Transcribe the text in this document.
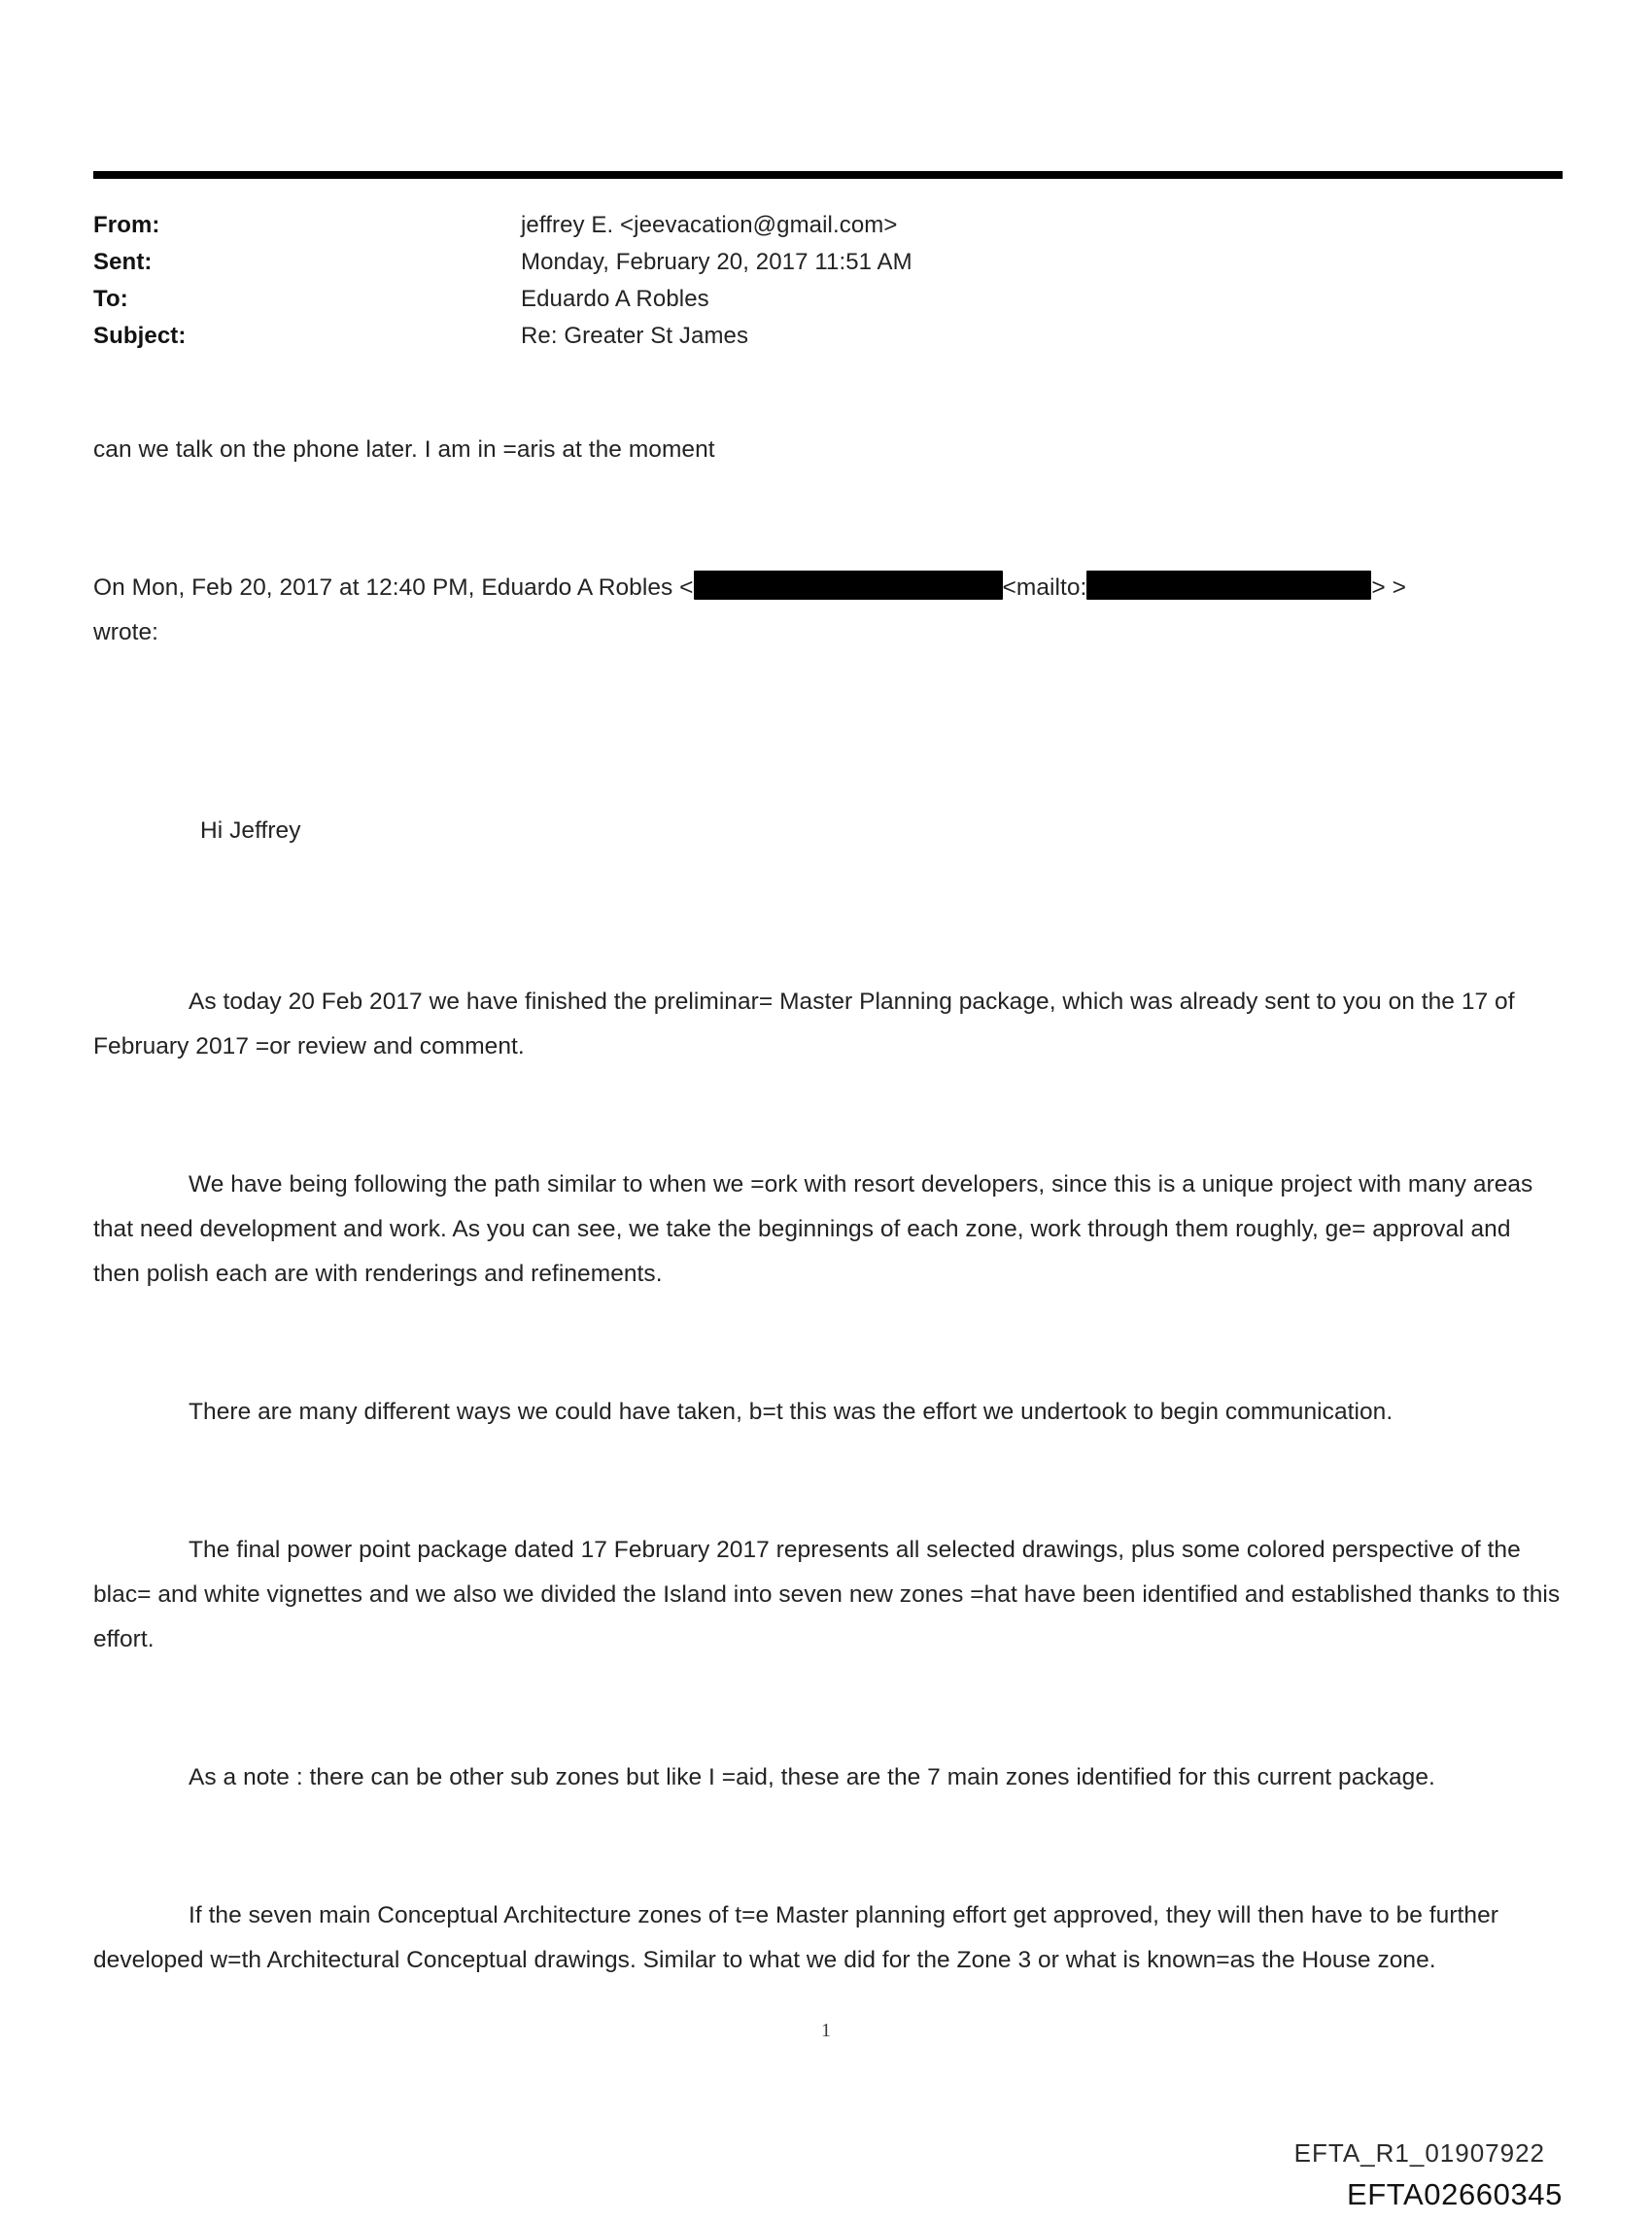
From:	jeffrey E. <jeevacation@gmail.com>
Sent:	Monday, February 20, 2017 11:51 AM
To:	Eduardo A Robles
Subject:	Re: Greater St James

can we talk on the phone later. I am in =aris at the moment

On Mon, Feb 20, 2017 at 12:40 PM, Eduardo A Robles <	<mailto:	> >
wrote:

Hi Jeffrey

As today 20 Feb 2017 we have finished the preliminar= Master Planning package, which was already sent to you on the 17 of February 2017 =or review and comment.

We have being following the path similar to when we =ork with resort developers, since this is a unique project with many areas that need development and work. As you can see, we take the beginnings of each zone, work through them roughly, ge= approval and then polish each are with renderings and refinements.

There are many different ways we could have taken, b=t this was the effort we undertook to begin communication.

The final power point package dated 17 February 2017 represents all selected drawings, plus some colored perspective of the blac= and white vignettes and we also we divided the Island into seven new zones =hat have been identified and established thanks to this effort.

As a note : there can be other sub zones but like I =aid, these are the 7 main zones identified for this current package.

If the seven main Conceptual Architecture zones of t=e Master planning effort get approved, they will then have to be further developed w=th Architectural Conceptual drawings. Similar to what we did for the Zone 3 or what is known=as the House zone.

1
EFTA_R1_01907922
EFTA02660345
